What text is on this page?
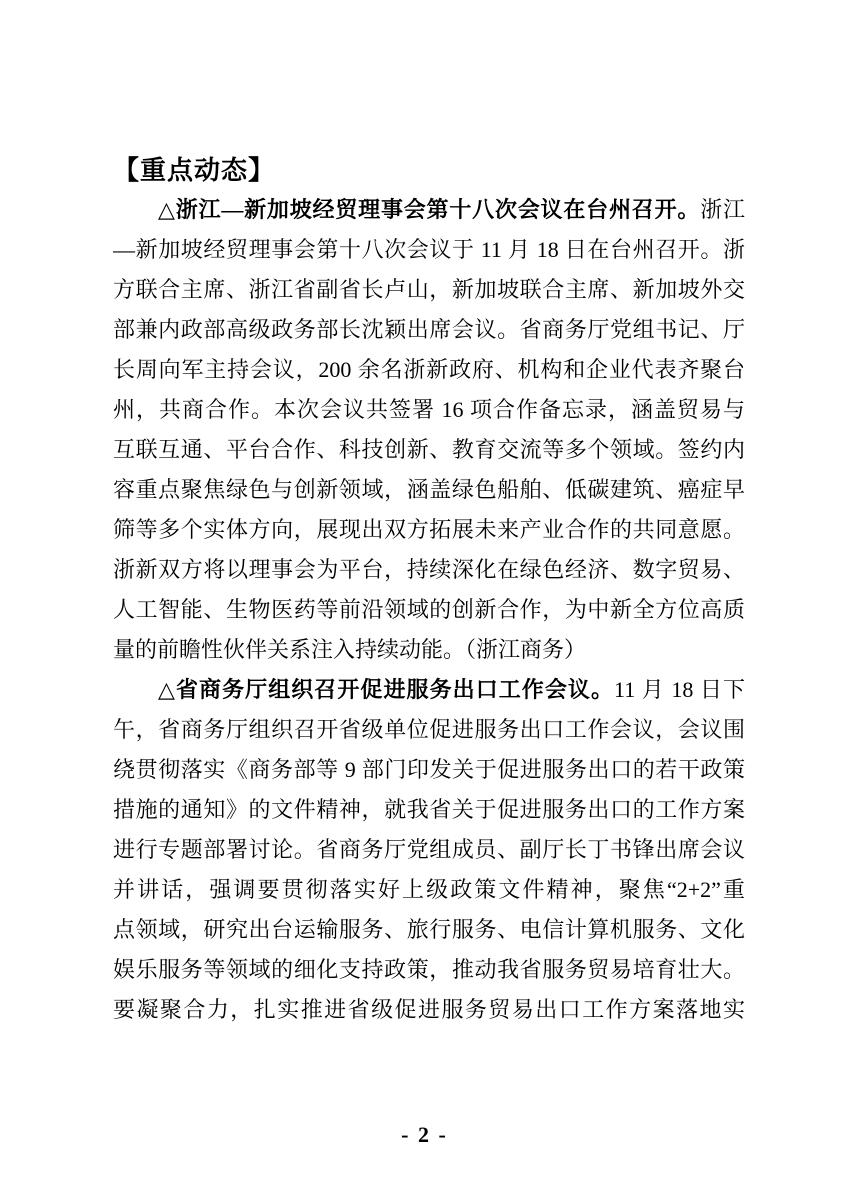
【重点动态】
△浙江—新加坡经贸理事会第十八次会议在台州召开。浙江
—新加坡经贸理事会第十八次会议于 11 月 18 日在台州召开。浙
方联合主席、浙江省副省长卢山，新加坡联合主席、新加坡外交
部兼内政部高级政务部长沈颖出席会议。省商务厅党组书记、厅
长周向军主持会议，200 余名浙新政府、机构和企业代表齐聚台
州，共商合作。本次会议共签署 16 项合作备忘录，涵盖贸易与
互联互通、平台合作、科技创新、教育交流等多个领域。签约内
容重点聚焦绿色与创新领域，涵盖绿色船舶、低碳建筑、癌症早
筛等多个实体方向，展现出双方拓展未来产业合作的共同意愿。
浙新双方将以理事会为平台，持续深化在绿色经济、数字贸易、
人工智能、生物医药等前沿领域的创新合作，为中新全方位高质
量的前瞻性伙伴关系注入持续动能。（浙江商务）
△省商务厅组织召开促进服务出口工作会议。11 月 18 日下
午，省商务厅组织召开省级单位促进服务出口工作会议，会议围
绕贯彻落实《商务部等 9 部门印发关于促进服务出口的若干政策
措施的通知》的文件精神，就我省关于促进服务出口的工作方案
进行专题部署讨论。省商务厅党组成员、副厅长丁书锋出席会议
并讲话，强调要贯彻落实好上级政策文件精神，聚焦“2+2”重
点领域，研究出台运输服务、旅行服务、电信计算机服务、文化
娱乐服务等领域的细化支持政策，推动我省服务贸易培育壮大。
要凝聚合力，扎实推进省级促进服务贸易出口工作方案落地实
- 2 -
